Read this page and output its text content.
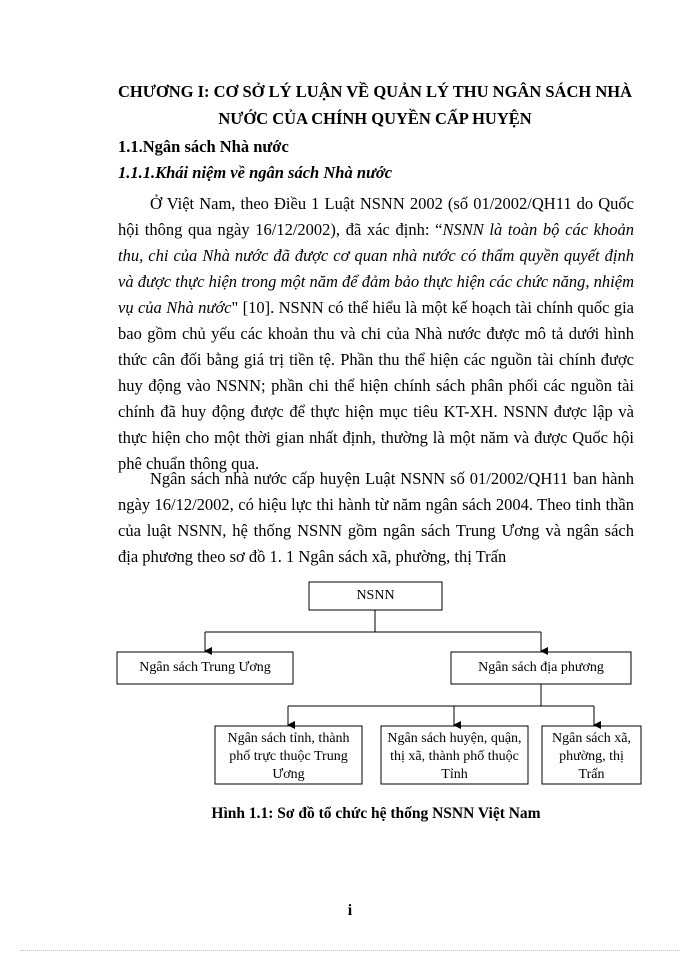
CHƯƠNG I: CƠ SỞ LÝ LUẬN VỀ QUẢN LÝ THU NGÂN SÁCH NHÀ
NƯỚC CỦA CHÍNH QUYỀN CẤP HUYỆN
1.1.Ngân sách Nhà nước
1.1.1.Khái niệm về ngân sách Nhà nước
Ở Việt Nam, theo Điều 1 Luật NSNN 2002 (số 01/2002/QH11 do Quốc hội thông qua ngày 16/12/2002), đã xác định: “NSNN là toàn bộ các khoản thu, chi của Nhà nước đã được cơ quan nhà nước có thẩm quyền quyết định và được thực hiện trong một năm để đảm bảo thực hiện các chức năng, nhiệm vụ của Nhà nước" [10]. NSNN có thể hiểu là một kế hoạch tài chính quốc gia bao gồm chủ yếu các khoản thu và chi của Nhà nước được mô tả dưới hình thức cân đối bằng giá trị tiền tệ. Phần thu thể hiện các nguồn tài chính được huy động vào NSNN; phần chi thể hiện chính sách phân phối các nguồn tài chính đã huy động được để thực hiện mục tiêu KT-XH. NSNN được lập và thực hiện cho một thời gian nhất định, thường là một năm và được Quốc hội phê chuẩn thông qua.
Ngân sách nhà nước cấp huyện Luật NSNN số 01/2002/QH11 ban hành ngày 16/12/2002, có hiệu lực thi hành từ năm ngân sách 2004. Theo tinh thần của luật NSNN, hệ thống NSNN gồm ngân sách Trung Ương và ngân sách địa phương theo sơ đồ 1. 1 Ngân sách xã, phường, thị Trấn
NSNN
Ngân sách Trung Ương	Ngân sách địa phương
Ngân sách tỉnh, thành phố trực thuộc Trung Ương
Ngân sách huyện, quận, thị xã, thành phố thuộc Tỉnh
Ngân sách xã, phường, thị Trấn
Hình 1.1: Sơ đồ tổ chức hệ thống NSNN Việt Nam
i
